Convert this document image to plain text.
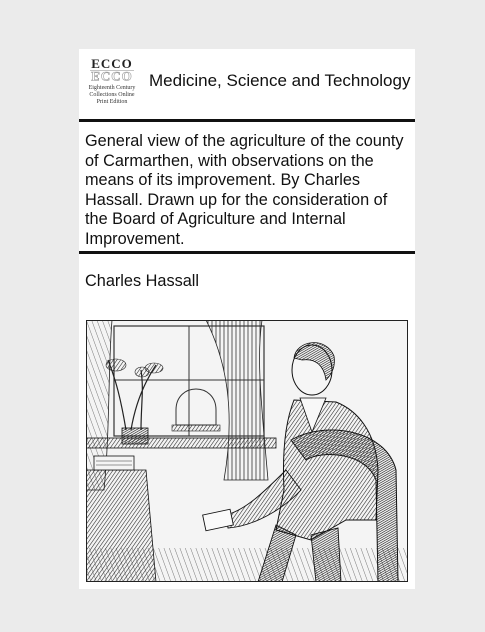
ECCO
ECCO
Eighteenth Century
Collections Online
Print Edition
Medicine, Science and Technology
General view of the agriculture of the county of Carmarthen, with observations on the means of its improvement. By Charles Hassall. Drawn up for the consideration of the Board of Agriculture and Internal Improvement.
Charles Hassall
